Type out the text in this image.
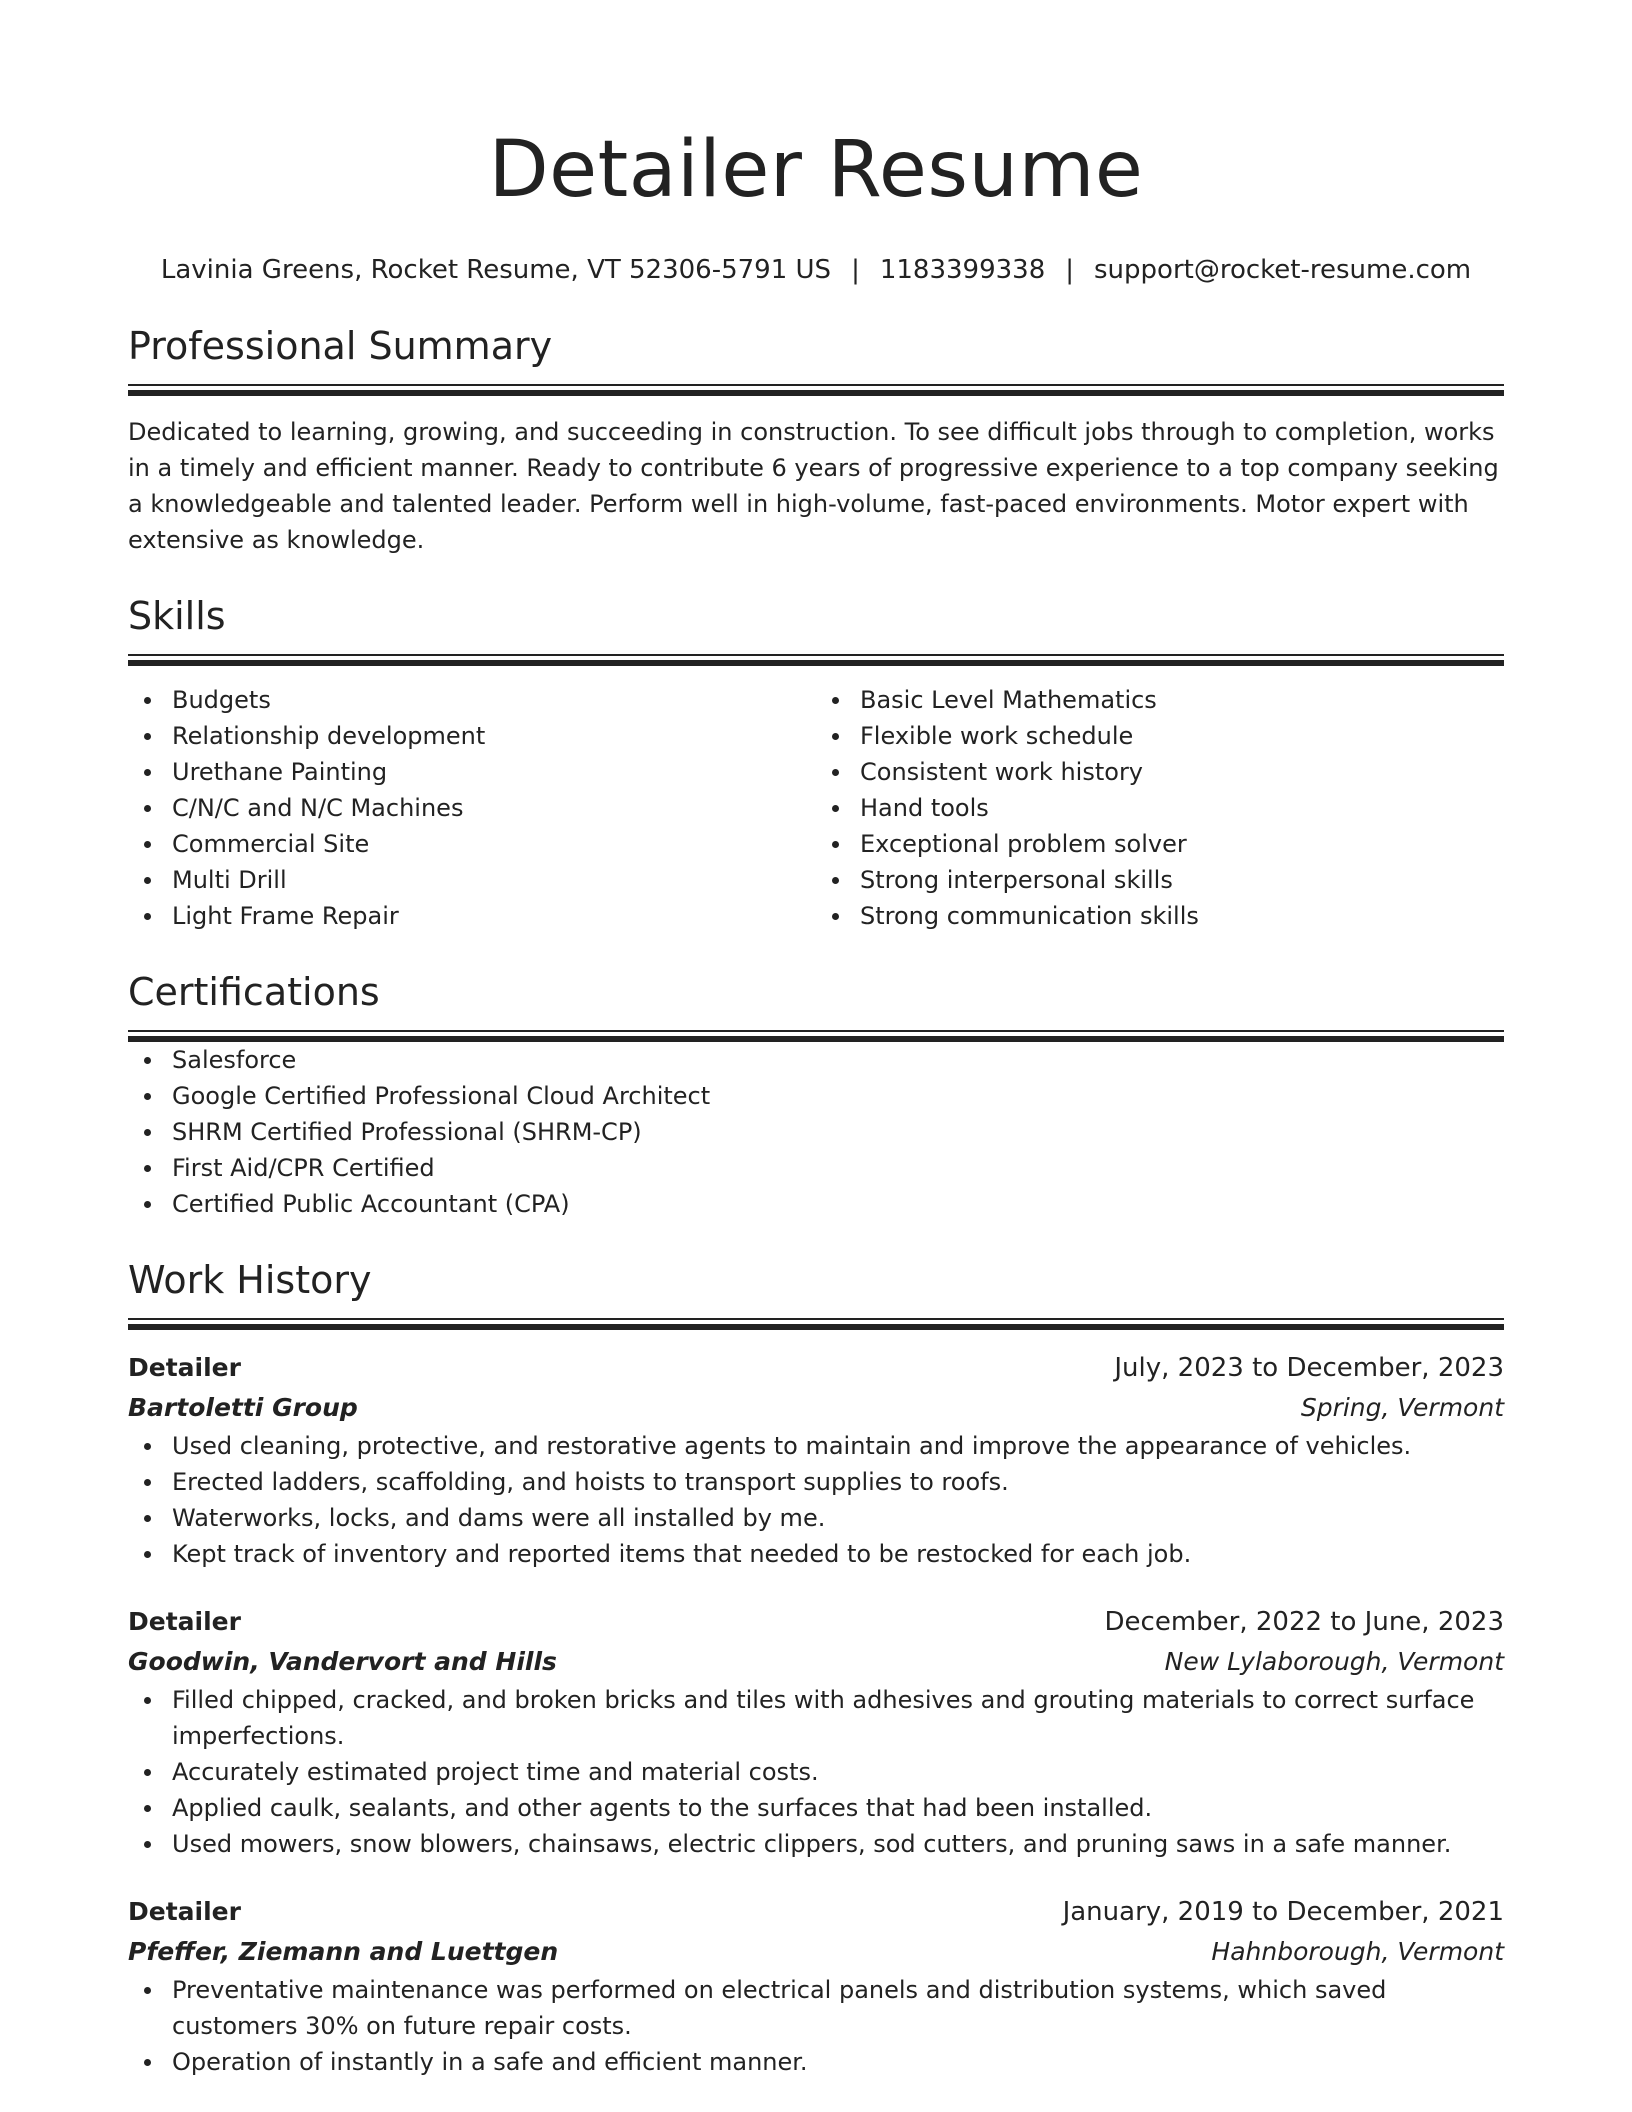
Detailer Resume
Lavinia Greens, Rocket Resume, VT 52306-5791 US | 1183399338 | support@rocket-resume.com
Professional Summary

Dedicated to learning, growing, and succeeding in construction. To see difficult jobs through to completion, works in a timely and efficient manner. Ready to contribute 6 years of progressive experience to a top company seeking a knowledgeable and talented leader. Perform well in high-volume, fast-paced environments. Motor expert with extensive as knowledge.

Skills
Budgets
Relationship development
Urethane Painting
C/N/C and N/C Machines
Commercial Site
Multi Drill
Light Frame Repair
Basic Level Mathematics
Flexible work schedule
Consistent work history
Hand tools
Exceptional problem solver
Strong interpersonal skills
Strong communication skills
Certifications
Salesforce
Google Certified Professional Cloud Architect
SHRM Certified Professional (SHRM-CP)
First Aid/CPR Certified
Certified Public Accountant (CPA)
Work History
Detailer	July, 2023 to December, 2023
Bartoletti Group	Spring, Vermont
Used cleaning, protective, and restorative agents to maintain and improve the appearance of vehicles.
Erected ladders, scaffolding, and hoists to transport supplies to roofs.
Waterworks, locks, and dams were all installed by me.
Kept track of inventory and reported items that needed to be restocked for each job.
Detailer	December, 2022 to June, 2023
Goodwin, Vandervort and Hills	New Lylaborough, Vermont
Filled chipped, cracked, and broken bricks and tiles with adhesives and grouting materials to correct surface imperfections.
Accurately estimated project time and material costs.
Applied caulk, sealants, and other agents to the surfaces that had been installed.
Used mowers, snow blowers, chainsaws, electric clippers, sod cutters, and pruning saws in a safe manner.
Detailer	January, 2019 to December, 2021
Pfeffer, Ziemann and Luettgen	Hahnborough, Vermont
Preventative maintenance was performed on electrical panels and distribution systems, which saved customers 30% on future repair costs.
Operation of instantly in a safe and efficient manner.
